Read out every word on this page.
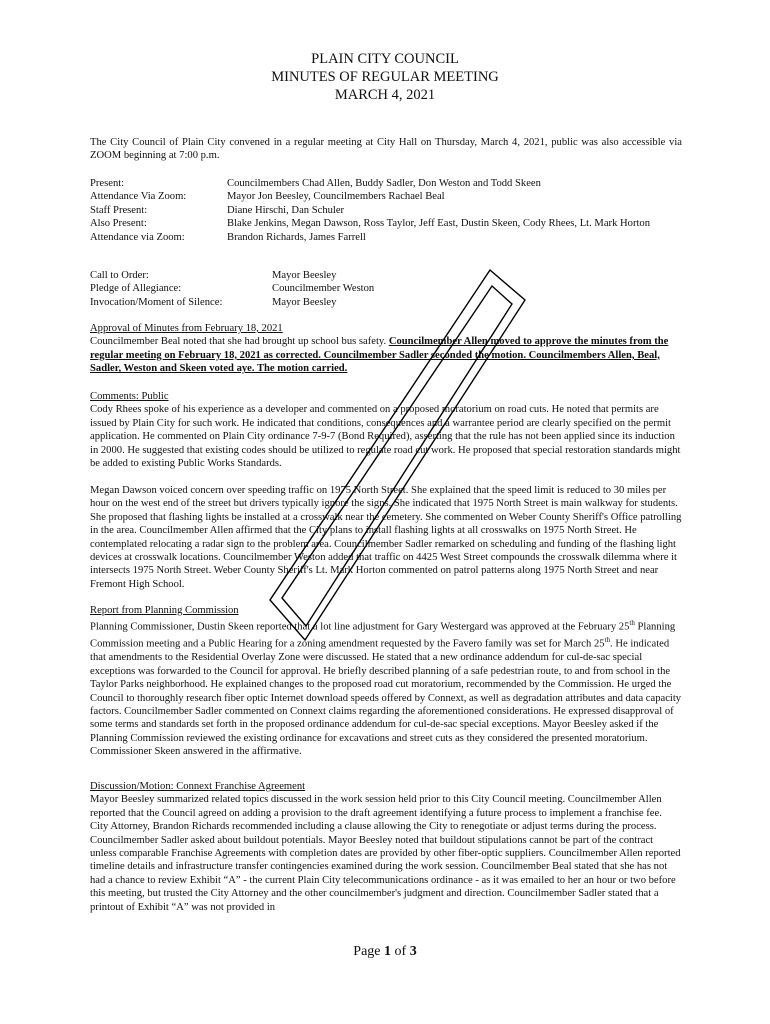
PLAIN CITY COUNCIL
MINUTES OF REGULAR MEETING
MARCH 4, 2021
The City Council of Plain City convened in a regular meeting at City Hall on Thursday, March 4, 2021, public was also accessible via ZOOM beginning at 7:00 p.m.
Present:	Councilmembers Chad Allen, Buddy Sadler, Don Weston and Todd Skeen
Attendance Via Zoom:	Mayor Jon Beesley, Councilmembers Rachael Beal
Staff Present:	Diane Hirschi, Dan Schuler
Also Present:	Blake Jenkins, Megan Dawson, Ross Taylor, Jeff East, Dustin Skeen, Cody Rhees, Lt. Mark Horton
Attendance via Zoom:	Brandon Richards, James Farrell
Call to Order:	Mayor Beesley
Pledge of Allegiance:	Councilmember Weston
Invocation/Moment of Silence:	Mayor Beesley
Approval of Minutes from February 18, 2021
Councilmember Beal noted that she had brought up school bus safety. Councilmember Allen moved to approve the minutes from the regular meeting on February 18, 2021 as corrected. Councilmember Sadler seconded the motion. Councilmembers Allen, Beal, Sadler, Weston and Skeen voted aye. The motion carried.
Comments: Public
Cody Rhees spoke of his experience as a developer and commented on a proposed moratorium on road cuts. He noted that permits are issued by Plain City for such work. He indicated that conditions, consequences and a warrantee period are clearly specified on the permit application. He commented on Plain City ordinance 7-9-7 (Bond Required), asserting that the rule has not been applied since its induction in 2000. He suggested that existing codes should be utilized to regulate road cut work. He proposed that special restoration standards might be added to existing Public Works Standards.
Megan Dawson voiced concern over speeding traffic on 1975 North Street. She explained that the speed limit is reduced to 30 miles per hour on the west end of the street but drivers typically ignore the signs. She indicated that 1975 North Street is main walkway for students. She proposed that flashing lights be installed at a crosswalk near the cemetery. She commented on Weber County Sheriff's Office patrolling in the area. Councilmember Allen affirmed that the City plans to install flashing lights at all crosswalks on 1975 North Street. He contemplated relocating a radar sign to the problem area. Councilmember Sadler remarked on scheduling and funding of the flashing light devices at crosswalk locations. Councilmember Weston added that traffic on 4425 West Street compounds the crosswalk dilemma where it intersects 1975 North Street. Weber County Sheriff's Lt. Mark Horton commented on patrol patterns along 1975 North Street and near Fremont High School.
Report from Planning Commission
Planning Commissioner, Dustin Skeen reported that a lot line adjustment for Gary Westergard was approved at the February 25th Planning Commission meeting and a Public Hearing for a zoning amendment requested by the Favero family was set for March 25th. He indicated that amendments to the Residential Overlay Zone were discussed. He stated that a new ordinance addendum for cul-de-sac special exceptions was forwarded to the Council for approval. He briefly described planning of a safe pedestrian route, to and from school in the Taylor Parks neighborhood. He explained changes to the proposed road cut moratorium, recommended by the Commission. He urged the Council to thoroughly research fiber optic Internet download speeds offered by Connext, as well as degradation attributes and data capacity factors. Councilmember Sadler commented on Connext claims regarding the aforementioned considerations. He expressed disapproval of some terms and standards set forth in the proposed ordinance addendum for cul-de-sac special exceptions. Mayor Beesley asked if the Planning Commission reviewed the existing ordinance for excavations and street cuts as they considered the presented moratorium. Commissioner Skeen answered in the affirmative.
Discussion/Motion: Connext Franchise Agreement
Mayor Beesley summarized related topics discussed in the work session held prior to this City Council meeting. Councilmember Allen reported that the Council agreed on adding a provision to the draft agreement identifying a future process to implement a franchise fee. City Attorney, Brandon Richards recommended including a clause allowing the City to renegotiate or adjust terms during the process. Councilmember Sadler asked about buildout potentials. Mayor Beesley noted that buildout stipulations cannot be part of the contract unless comparable Franchise Agreements with completion dates are provided by other fiber-optic suppliers. Councilmember Allen reported timeline details and infrastructure transfer contingencies examined during the work session. Councilmember Beal stated that she has not had a chance to review Exhibit “A” - the current Plain City telecommunications ordinance - as it was emailed to her an hour or two before this meeting, but trusted the City Attorney and the other councilmember's judgment and direction. Councilmember Sadler stated that a printout of Exhibit “A” was not provided in
Page 1 of 3
